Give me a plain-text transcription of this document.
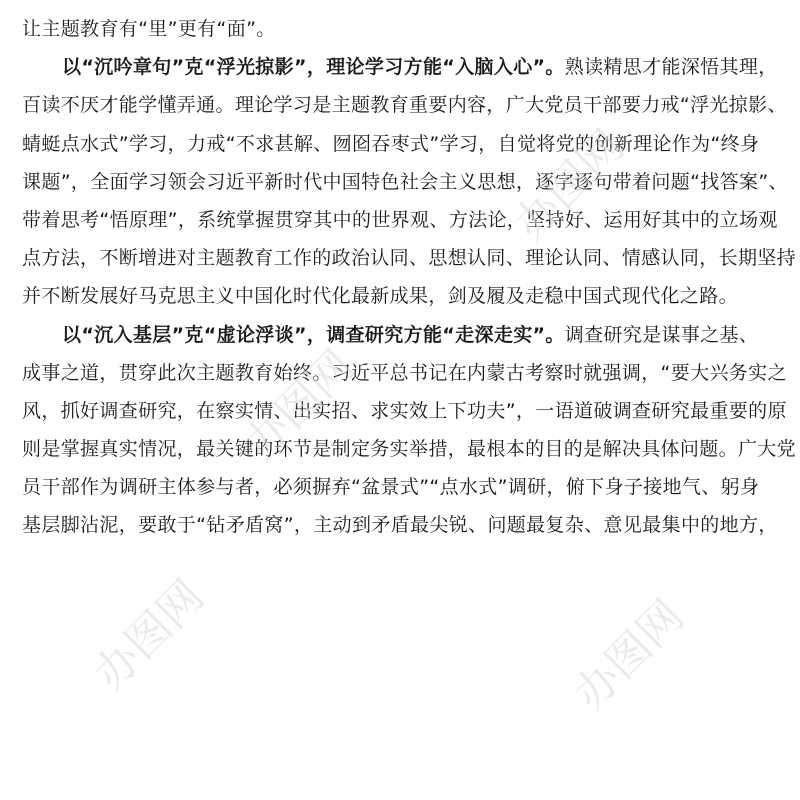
让主题教育有“里”更有“面”。
以“沉吟章句”克“浮光掠影”，理论学习方能“入脑入心”。熟读精思才能深悟其理，
百读不厌才能学懂弄通。理论学习是主题教育重要内容，广大党员干部要力戒“浮光掠影、
蜻蜓点水式”学习，力戒“不求甚解、囫囵吞枣式”学习，自觉将党的创新理论作为“终身
课题”，全面学习领会习近平新时代中国特色社会主义思想，逐字逐句带着问题“找答案”、
带着思考“悟原理”，系统掌握贯穿其中的世界观、方法论，坚持好、运用好其中的立场观
点方法，不断增进对主题教育工作的政治认同、思想认同、理论认同、情感认同，长期坚持
并不断发展好马克思主义中国化时代化最新成果，剑及履及走稳中国式现代化之路。
以“沉入基层”克“虚论浮谈”，调查研究方能“走深走实”。调查研究是谋事之基、
成事之道，贯穿此次主题教育始终。习近平总书记在内蒙古考察时就强调，“要大兴务实之
风，抓好调查研究，在察实情、出实招、求实效上下功夫”，一语道破调查研究最重要的原
则是掌握真实情况，最关键的环节是制定务实举措，最根本的目的是解决具体问题。广大党
员干部作为调研主体参与者，必须摒弃“盆景式”“点水式”调研，俯下身子接地气、躬身
基层脚沾泥，要敢于“钻矛盾窝”，主动到矛盾最尖锐、问题最复杂、意见最集中的地方，
办图网
办图网
办图网	办图网
